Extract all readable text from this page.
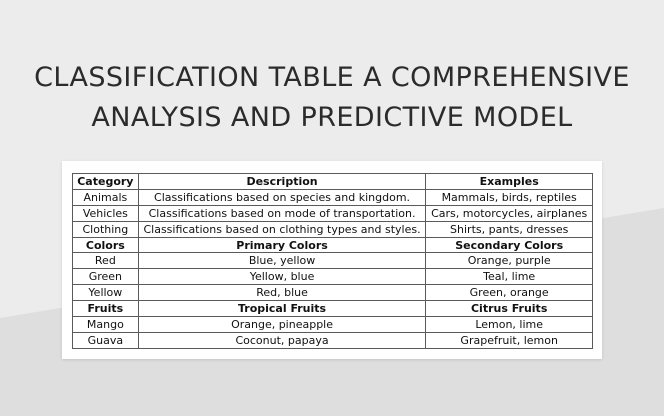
CLASSIFICATION TABLE A COMPREHENSIVE
ANALYSIS AND PREDICTIVE MODEL
Category	Description	Examples
Animals	Classifications based on species and kingdom.	Mammals, birds, reptiles
Vehicles	Classifications based on mode of transportation.	Cars, motorcycles, airplanes
Clothing	Classifications based on clothing types and styles.	Shirts, pants, dresses
Colors	Primary Colors	Secondary Colors
Red	Blue, yellow	Orange, purple
Green	Yellow, blue	Teal, lime
Yellow	Red, blue	Green, orange
Fruits	Tropical Fruits	Citrus Fruits
Mango	Orange, pineapple	Lemon, lime
Guava	Coconut, papaya	Grapefruit, lemon
